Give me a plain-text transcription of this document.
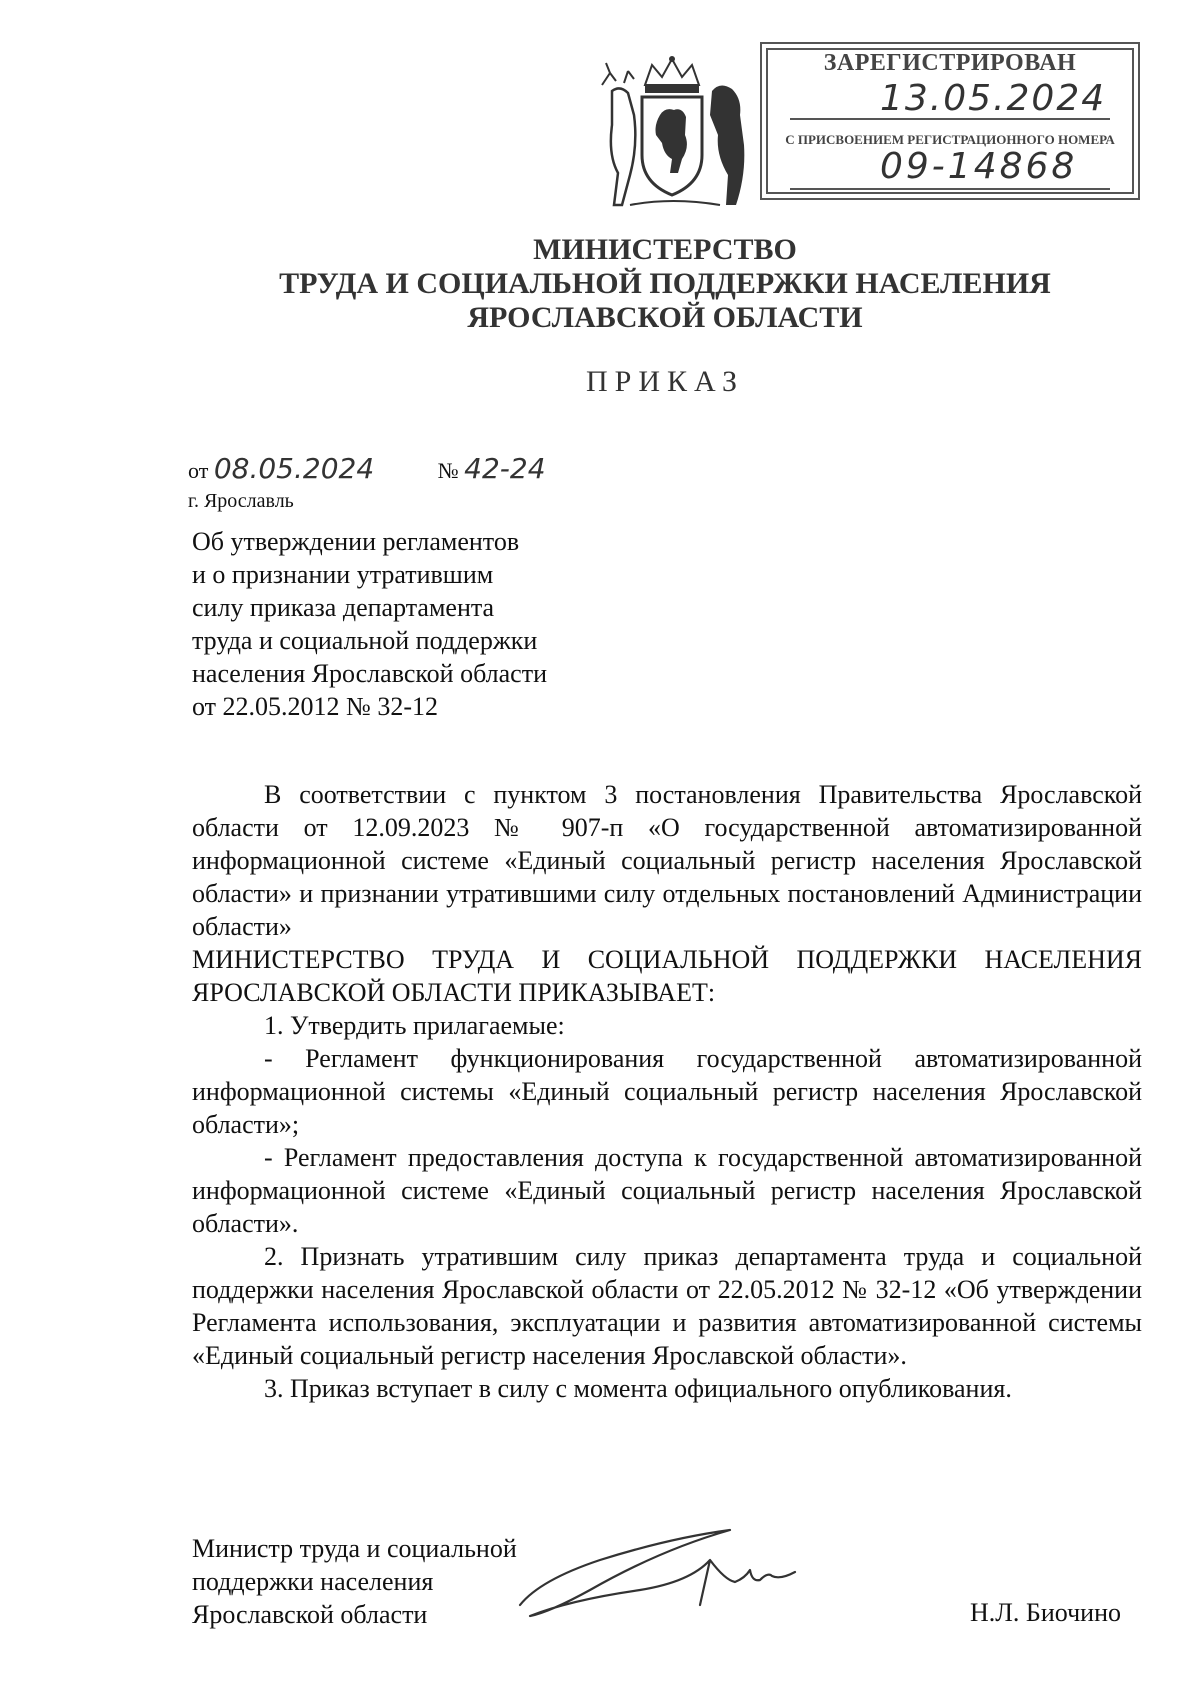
ЗАРЕГИСТРИРОВАН
13.05.2024
С ПРИСВОЕНИЕМ РЕГИСТРАЦИОННОГО НОМЕРА
09-14868
МИНИСТЕРСТВО
ТРУДА И СОЦИАЛЬНОЙ ПОДДЕРЖКИ НАСЕЛЕНИЯ
ЯРОСЛАВСКОЙ ОБЛАСТИ
ПРИКАЗ
от 08.05.2024	№ 42-24
г. Ярославль
Об утверждении регламентов
и о признании утратившим
силу приказа департамента
труда и социальной поддержки
населения Ярославской области
от 22.05.2012 № 32-12

В соответствии с пунктом 3 постановления Правительства Ярославской области от 12.09.2023 № 907-п «О государственной автоматизированной информационной системе «Единый социальный регистр населения Ярославской области» и признании утратившими силу отдельных постановлений Администрации области»

МИНИСТЕРСТВО ТРУДА И СОЦИАЛЬНОЙ ПОДДЕРЖКИ НАСЕЛЕНИЯ ЯРОСЛАВСКОЙ ОБЛАСТИ ПРИКАЗЫВАЕТ:

1. Утвердить прилагаемые:

- Регламент функционирования государственной автоматизированной информационной системы «Единый социальный регистр населения Ярославской области»;

- Регламент предоставления доступа к государственной автоматизированной информационной системе «Единый социальный регистр населения Ярославской области».

2. Признать утратившим силу приказ департамента труда и социальной поддержки населения Ярославской области от 22.05.2012 № 32-12 «Об утверждении Регламента использования, эксплуатации и развития автоматизированной системы «Единый социальный регистр населения Ярославской области».

3. Приказ вступает в силу с момента официального опубликования.

Министр труда и социальной
поддержки населения
Ярославской области	Н.Л. Биочино
